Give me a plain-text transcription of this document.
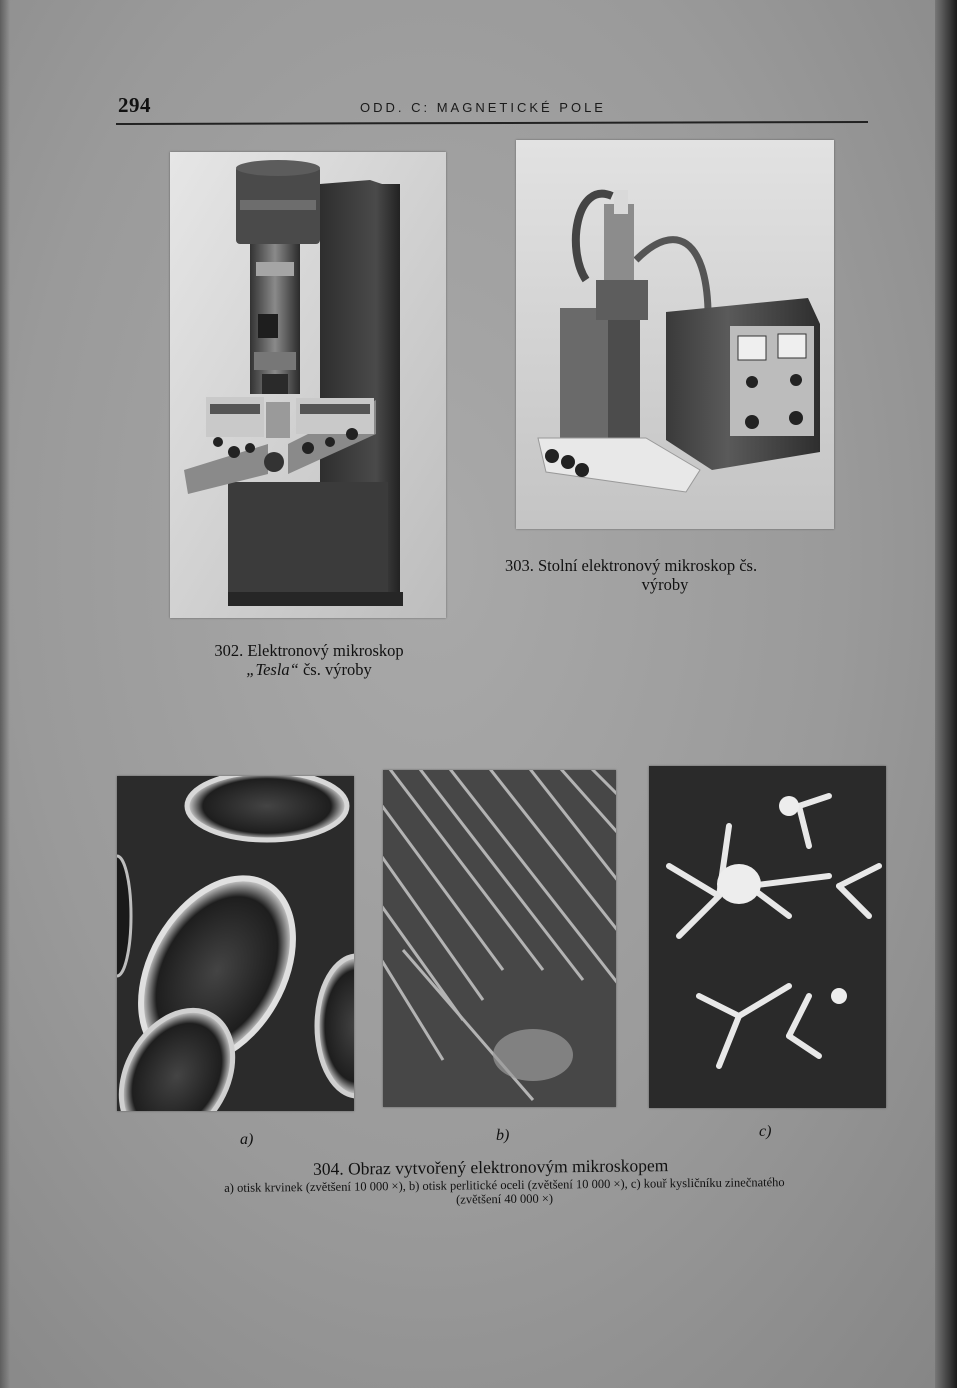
294	ODD. C: MAGNETICKÉ POLE
303. Stolní elektronový mikroskop čs.
výroby
302. Elektronový mikroskop
„Tesla“ čs. výroby
a)	b)	c)
304. Obraz vytvořený elektronovým mikroskopem
a) otisk krvinek (zvětšení 10 000 ×), b) otisk perlitické oceli (zvětšení 10 000 ×), c) kouř kysličníku zinečnatého
(zvětšení 40 000 ×)
